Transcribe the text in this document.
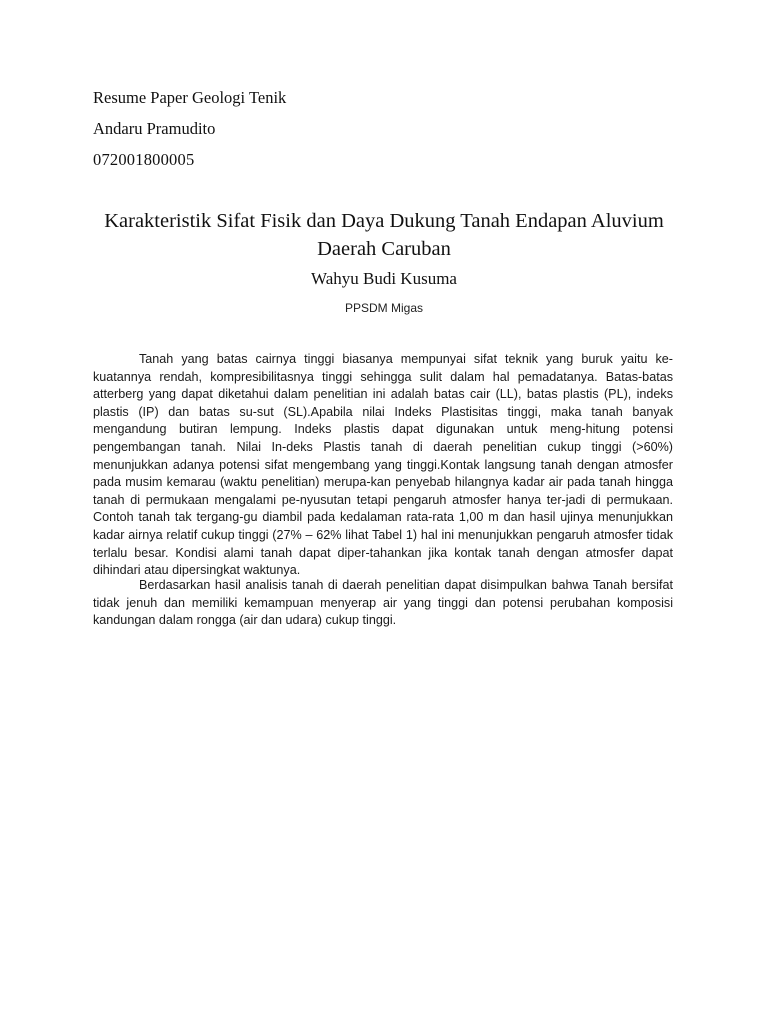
Resume Paper Geologi Tenik
Andaru Pramudito
072001800005
Karakteristik Sifat Fisik dan Daya Dukung Tanah Endapan Aluvium Daerah Caruban
Wahyu Budi Kusuma
PPSDM Migas

Tanah yang batas cairnya tinggi biasanya mempunyai sifat teknik yang buruk yaitu ke-kuatannya rendah, kompresibilitasnya tinggi sehingga sulit dalam hal pemadatanya. Batas-batas atterberg yang dapat diketahui dalam penelitian ini adalah batas cair (LL), batas plastis (PL), indeks plastis (IP) dan batas su-sut (SL).Apabila nilai Indeks Plastisitas tinggi, maka tanah banyak mengandung butiran lempung. Indeks plastis dapat digunakan untuk meng-hitung potensi pengembangan tanah. Nilai In-deks Plastis tanah di daerah penelitian cukup tinggi (>60%) menunjukkan adanya potensi sifat mengembang yang tinggi.Kontak langsung tanah dengan atmosfer pada musim kemarau (waktu penelitian) merupa-kan penyebab hilangnya kadar air pada tanah hingga tanah di permukaan mengalami pe-nyusutan tetapi pengaruh atmosfer hanya ter-jadi di permukaan. Contoh tanah tak tergang-gu diambil pada kedalaman rata-rata 1,00 m dan hasil ujinya menunjukkan kadar airnya relatif cukup tinggi (27% – 62% lihat Tabel 1) hal ini menunjukkan pengaruh atmosfer tidak terlalu besar. Kondisi alami tanah dapat diper-tahankan jika kontak tanah dengan atmosfer dapat dihindari atau dipersingkat waktunya.

Berdasarkan hasil analisis tanah di daerah penelitian dapat disimpulkan bahwa Tanah bersifat tidak jenuh dan memiliki kemampuan menyerap air yang tinggi dan potensi perubahan komposisi kandungan dalam rongga (air dan udara) cukup tinggi.
